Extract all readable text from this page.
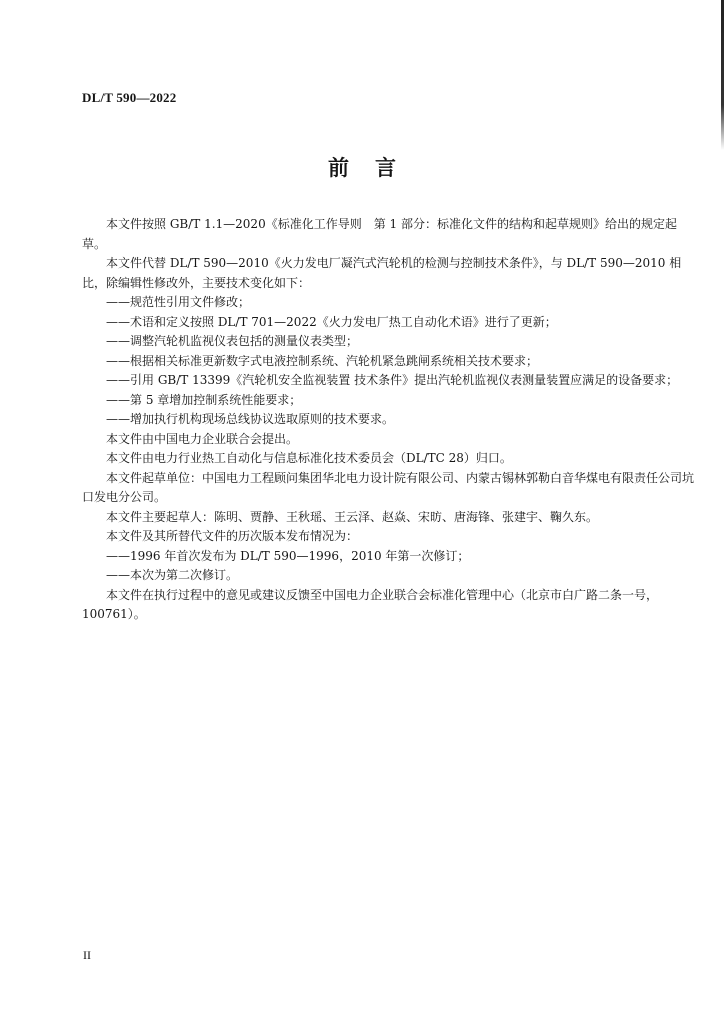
DL/T 590—2022
前言

本文件按照 GB/T 1.1—2020《标准化工作导则　第 1 部分：标准化文件的结构和起草规则》给出的规定起草。

本文件代替 DL/T 590—2010《火力发电厂凝汽式汽轮机的检测与控制技术条件》，与 DL/T 590—2010 相比，除编辑性修改外，主要技术变化如下：

——规范性引用文件修改；

——术语和定义按照 DL/T 701—2022《火力发电厂热工自动化术语》进行了更新；

——调整汽轮机监视仪表包括的测量仪表类型；

——根据相关标准更新数字式电液控制系统、汽轮机紧急跳闸系统相关技术要求；

——引用 GB/T 13399《汽轮机安全监视装置 技术条件》提出汽轮机监视仪表测量装置应满足的设备要求；

——第 5 章增加控制系统性能要求；

——增加执行机构现场总线协议选取原则的技术要求。

本文件由中国电力企业联合会提出。

本文件由电力行业热工自动化与信息标准化技术委员会（DL/TC 28）归口。

本文件起草单位：中国电力工程顾问集团华北电力设计院有限公司、内蒙古锡林郭勒白音华煤电有限责任公司坑口发电分公司。

本文件主要起草人：陈明、贾静、王秋瑶、王云泽、赵焱、宋昉、唐海锋、张建宇、鞠久东。

本文件及其所替代文件的历次版本发布情况为：

——1996 年首次发布为 DL/T 590—1996，2010 年第一次修订；

——本次为第二次修订。

本文件在执行过程中的意见或建议反馈至中国电力企业联合会标准化管理中心（北京市白广路二条一号，100761）。

II
